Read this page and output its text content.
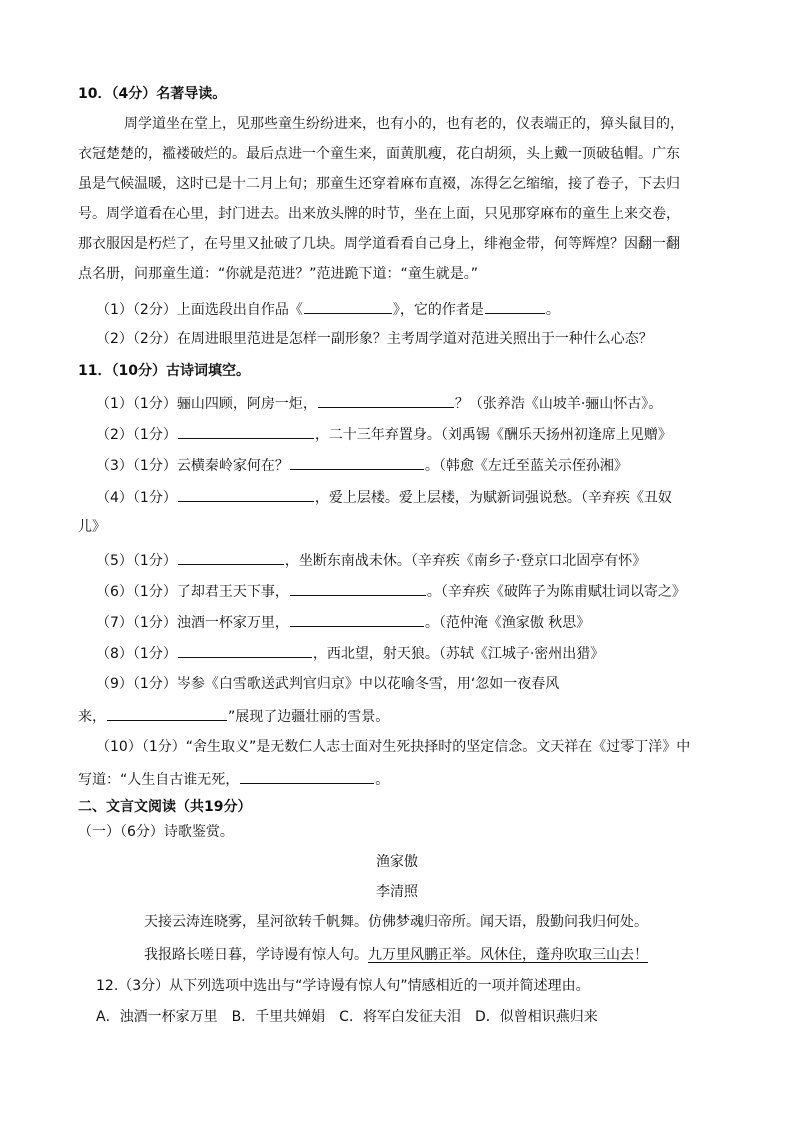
10．（4分）名著导读。
周学道坐在堂上，见那些童生纷纷进来，也有小的，也有老的，仪表端正的，獐头鼠目的，
衣冠楚楚的，褴褛破烂的。最后点进一个童生来，面黄肌瘦，花白胡须，头上戴一顶破毡帽。广东
虽是气候温暖，这时已是十二月上旬；那童生还穿着麻布直裰，冻得乞乞缩缩，接了卷子，下去归
号。周学道看在心里，封门进去。出来放头牌的时节，坐在上面，只见那穿麻布的童生上来交卷，
那衣服因是朽烂了，在号里又扯破了几块。周学道看看自己身上，绯袍金带，何等辉煌？因翻一翻
点名册，问那童生道：“你就是范进？”范进跪下道：“童生就是。”
（1）（2分）上面选段出自作品《	》，它的作者是	。
（2）（2分）在周进眼里范进是怎样一副形象？主考周学道对范进关照出于一种什么心态？
11．（10分）古诗词填空。
（1）（1分）骊山四顾，阿房一炬，	？（张养浩《山坡羊·骊山怀古》。
（2）（1分）	，二十三年弃置身。（刘禹锡《酬乐天扬州初逢席上见赠》
（3）（1分）云横秦岭家何在？	。（韩愈《左迁至蓝关示侄孙湘》
（4）（1分）	，爱上层楼。爱上层楼，为赋新词强说愁。（辛弃疾《丑奴
儿》
（5）（1分）	，坐断东南战未休。（辛弃疾《南乡子·登京口北固亭有怀》
（6）（1分）了却君王天下事，	。（辛弃疾《破阵子为陈甫赋壮词以寄之》
（7）（1分）浊酒一杯家万里，	。（范仲淹《渔家傲 秋思》
（8）（1分）	，西北望，射天狼。（苏轼《江城子·密州出猎》
（9）（1分）岑参《白雪歌送武判官归京》中以花喻冬雪，用‘忽如一夜春风
来，	”展现了边疆壮丽的雪景。
（10）（1分）“舍生取义”是无数仁人志士面对生死抉择时的坚定信念。文天祥在《过零丁洋》中
写道：“人生自古谁无死，	。
二、文言文阅读（共19分）
（一）（6分）诗歌鉴赏。
渔家傲
李清照
天接云涛连晓雾，星河欲转千帆舞。仿佛梦魂归帝所。闻天语，殷勤问我归何处。
我报路长嗟日暮，学诗谩有惊人句。九万里风鹏正举。风休住，蓬舟吹取三山去！
12.（3分）从下列选项中选出与“学诗谩有惊人句”情感相近的一项并简述理由。
A．浊酒一杯家万里　B．千里共婵娟　C．将军白发征夫泪　D．似曾相识燕归来
